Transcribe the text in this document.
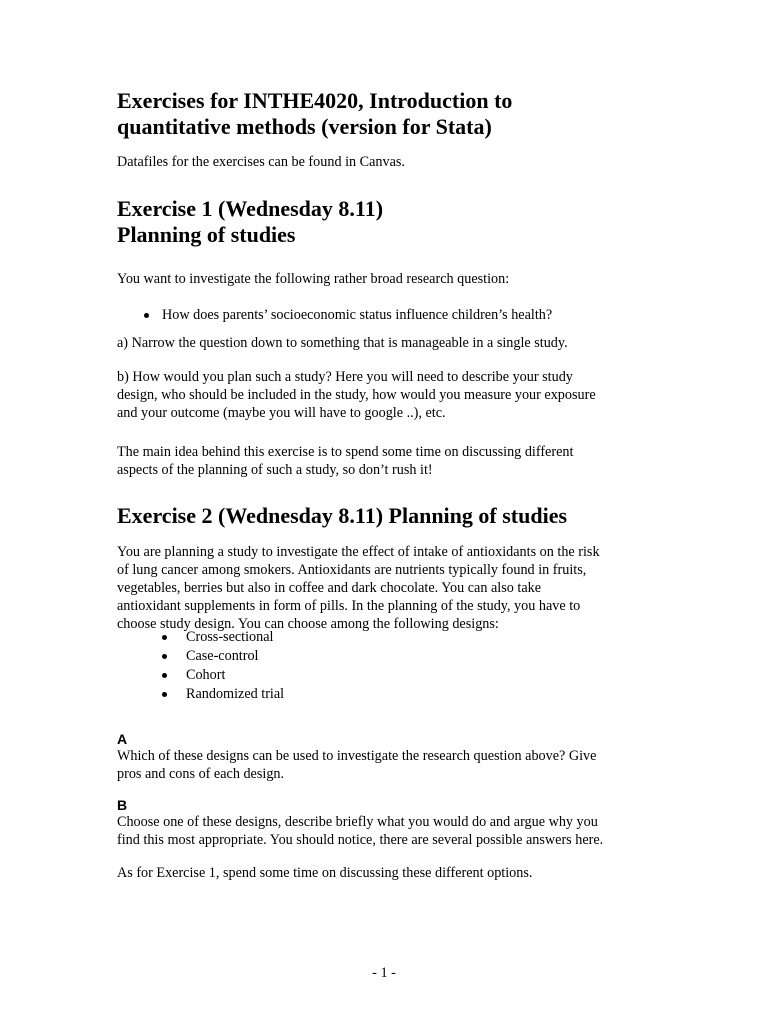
Exercises for INTHE4020, Introduction to
quantitative methods (version for Stata)

Datafiles for the exercises can be found in Canvas.

Exercise 1 (Wednesday 8.11)
Planning of studies

You want to investigate the following rather broad research question:

How does parents’ socioeconomic status influence children’s health?

a) Narrow the question down to something that is manageable in a single study.

b) How would you plan such a study? Here you will need to describe your study
design, who should be included in the study, how would you measure your exposure
and your outcome (maybe you will have to google ..), etc.

The main idea behind this exercise is to spend some time on discussing different
aspects of the planning of such a study, so don’t rush it!

Exercise 2 (Wednesday 8.11) Planning of studies

You are planning a study to investigate the effect of intake of antioxidants on the risk
of lung cancer among smokers. Antioxidants are nutrients typically found in fruits,
vegetables, berries but also in coffee and dark chocolate. You can also take
antioxidant supplements in form of pills. In the planning of the study, you have to
choose study design. You can choose among the following designs:

Cross-sectional
Case-control
Cohort
Randomized trial
A

Which of these designs can be used to investigate the research question above? Give
pros and cons of each design.

B

Choose one of these designs, describe briefly what you would do and argue why you
find this most appropriate. You should notice, there are several possible answers here.

As for Exercise 1, spend some time on discussing these different options.

- 1 -
